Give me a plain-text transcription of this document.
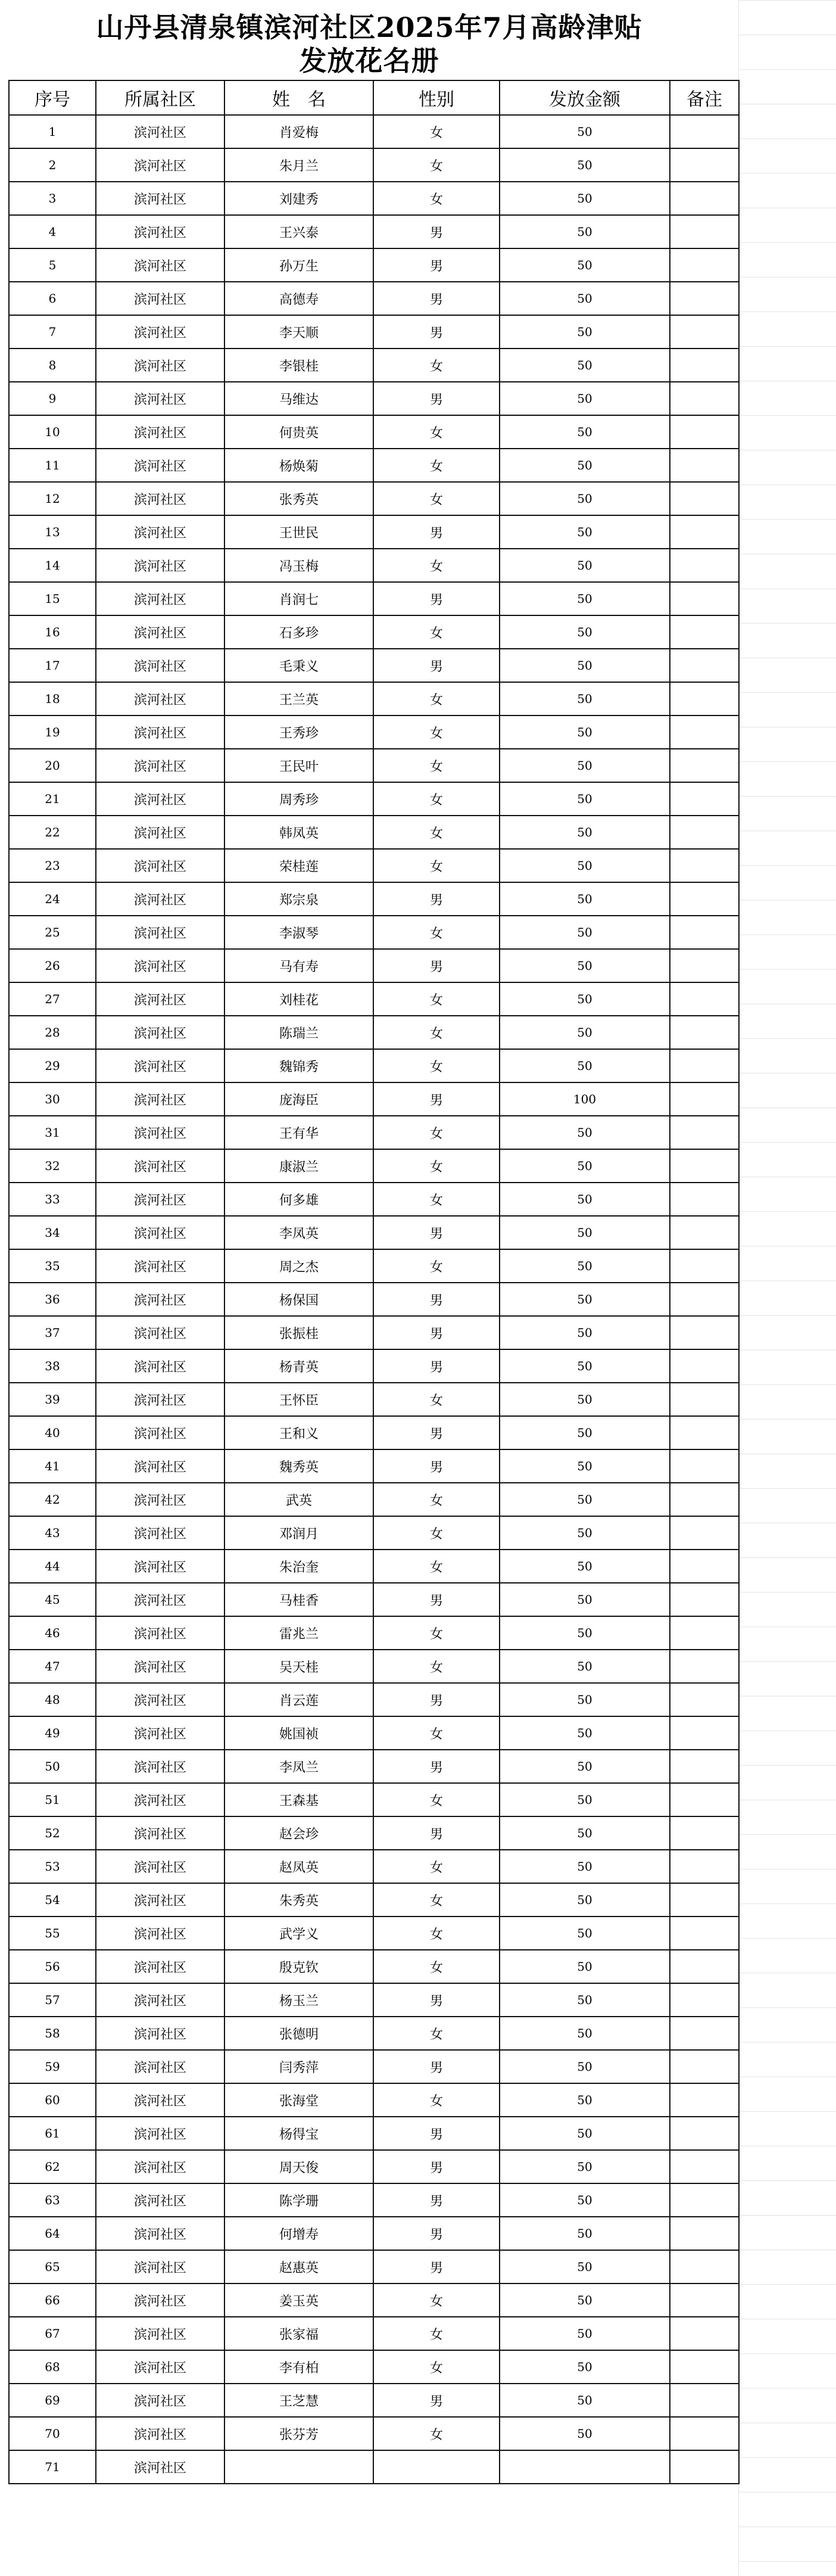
山丹县清泉镇滨河社区2025年7月高龄津贴
发放花名册
序号	所属社区	姓　名	性别	发放金额	备注
1	滨河社区	肖爱梅	女	50	
2	滨河社区	朱月兰	女	50	
3	滨河社区	刘建秀	女	50	
4	滨河社区	王兴泰	男	50	
5	滨河社区	孙万生	男	50	
6	滨河社区	高德寿	男	50	
7	滨河社区	李天顺	男	50	
8	滨河社区	李银桂	女	50	
9	滨河社区	马维达	男	50	
10	滨河社区	何贵英	女	50	
11	滨河社区	杨焕菊	女	50	
12	滨河社区	张秀英	女	50	
13	滨河社区	王世民	男	50	
14	滨河社区	冯玉梅	女	50	
15	滨河社区	肖润七	男	50	
16	滨河社区	石多珍	女	50	
17	滨河社区	毛秉义	男	50	
18	滨河社区	王兰英	女	50	
19	滨河社区	王秀珍	女	50	
20	滨河社区	王民叶	女	50	
21	滨河社区	周秀珍	女	50	
22	滨河社区	韩凤英	女	50	
23	滨河社区	荣桂莲	女	50	
24	滨河社区	郑宗泉	男	50	
25	滨河社区	李淑琴	女	50	
26	滨河社区	马有寿	男	50	
27	滨河社区	刘桂花	女	50	
28	滨河社区	陈瑞兰	女	50	
29	滨河社区	魏锦秀	女	50	
30	滨河社区	庞海臣	男	100	
31	滨河社区	王有华	女	50	
32	滨河社区	康淑兰	女	50	
33	滨河社区	何多雄	女	50	
34	滨河社区	李凤英	男	50	
35	滨河社区	周之杰	女	50	
36	滨河社区	杨保国	男	50	
37	滨河社区	张振桂	男	50	
38	滨河社区	杨青英	男	50	
39	滨河社区	王怀臣	女	50	
40	滨河社区	王和义	男	50	
41	滨河社区	魏秀英	男	50	
42	滨河社区	武英	女	50	
43	滨河社区	邓润月	女	50	
44	滨河社区	朱治奎	女	50	
45	滨河社区	马桂香	男	50	
46	滨河社区	雷兆兰	女	50	
47	滨河社区	吴天桂	女	50	
48	滨河社区	肖云莲	男	50	
49	滨河社区	姚国祯	女	50	
50	滨河社区	李凤兰	男	50	
51	滨河社区	王森基	女	50	
52	滨河社区	赵会珍	男	50	
53	滨河社区	赵凤英	女	50	
54	滨河社区	朱秀英	女	50	
55	滨河社区	武学义	女	50	
56	滨河社区	殷克钦	女	50	
57	滨河社区	杨玉兰	男	50	
58	滨河社区	张德明	女	50	
59	滨河社区	闫秀萍	男	50	
60	滨河社区	张海堂	女	50	
61	滨河社区	杨得宝	男	50	
62	滨河社区	周天俊	男	50	
63	滨河社区	陈学珊	男	50	
64	滨河社区	何增寿	男	50	
65	滨河社区	赵惠英	男	50	
66	滨河社区	姜玉英	女	50	
67	滨河社区	张家福	女	50	
68	滨河社区	李有柏	女	50	
69	滨河社区	王芝慧	男	50	
70	滨河社区	张芬芳	女	50	
71	滨河社区				
